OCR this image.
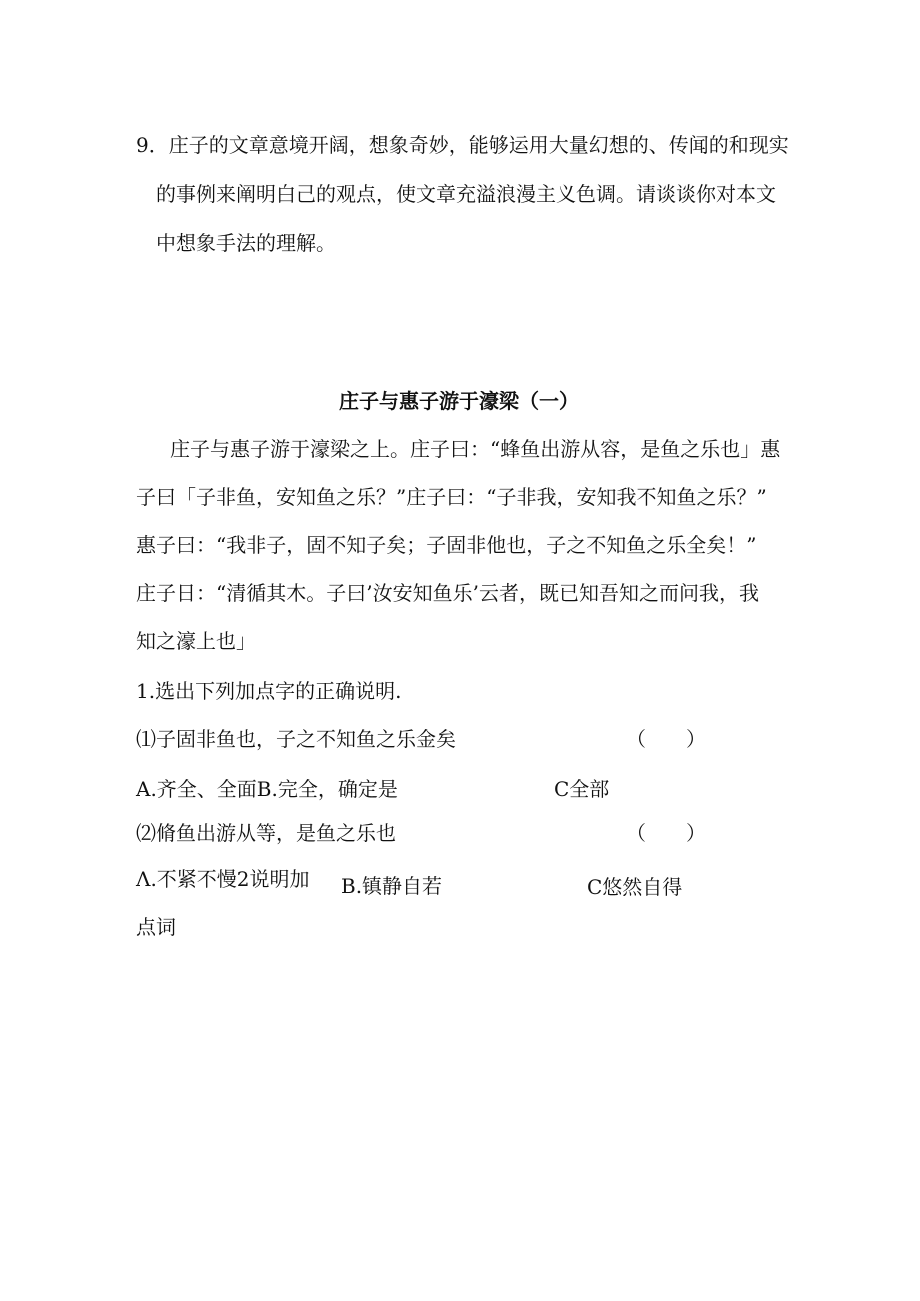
9．庄子的文章意境开阔，想象奇妙，能够运用大量幻想的、传闻的和现实
的事例来阐明白己的观点，使文章充溢浪漫主义色调。请谈谈你对本文
中想象手法的理解。
庄子与惠子游于濠梁（一）
庄子与惠子游于濠梁之上。庄子曰：“蜂鱼出游从容，是鱼之乐也」惠
子曰「子非鱼，安知鱼之乐？”庄子曰：“子非我，安知我不知鱼之乐？”
惠子曰：“我非子，固不知子矣；子固非他也，子之不知鱼之乐全矣！”
庄子日：“清循其木。子曰’汝安知鱼乐’云者，既已知吾知之而问我，我
知之濠上也」
1.选出下列加点字的正确说明.
⑴子固非鱼也，子之不知鱼之乐金矣	（　　）
A.齐全、全面B.完全，确定是	C全部
⑵脩鱼出游从等，是鱼之乐也	（　　）
Λ.不紧不慢2说明加 B.镇静自若	C悠然自得
点词
